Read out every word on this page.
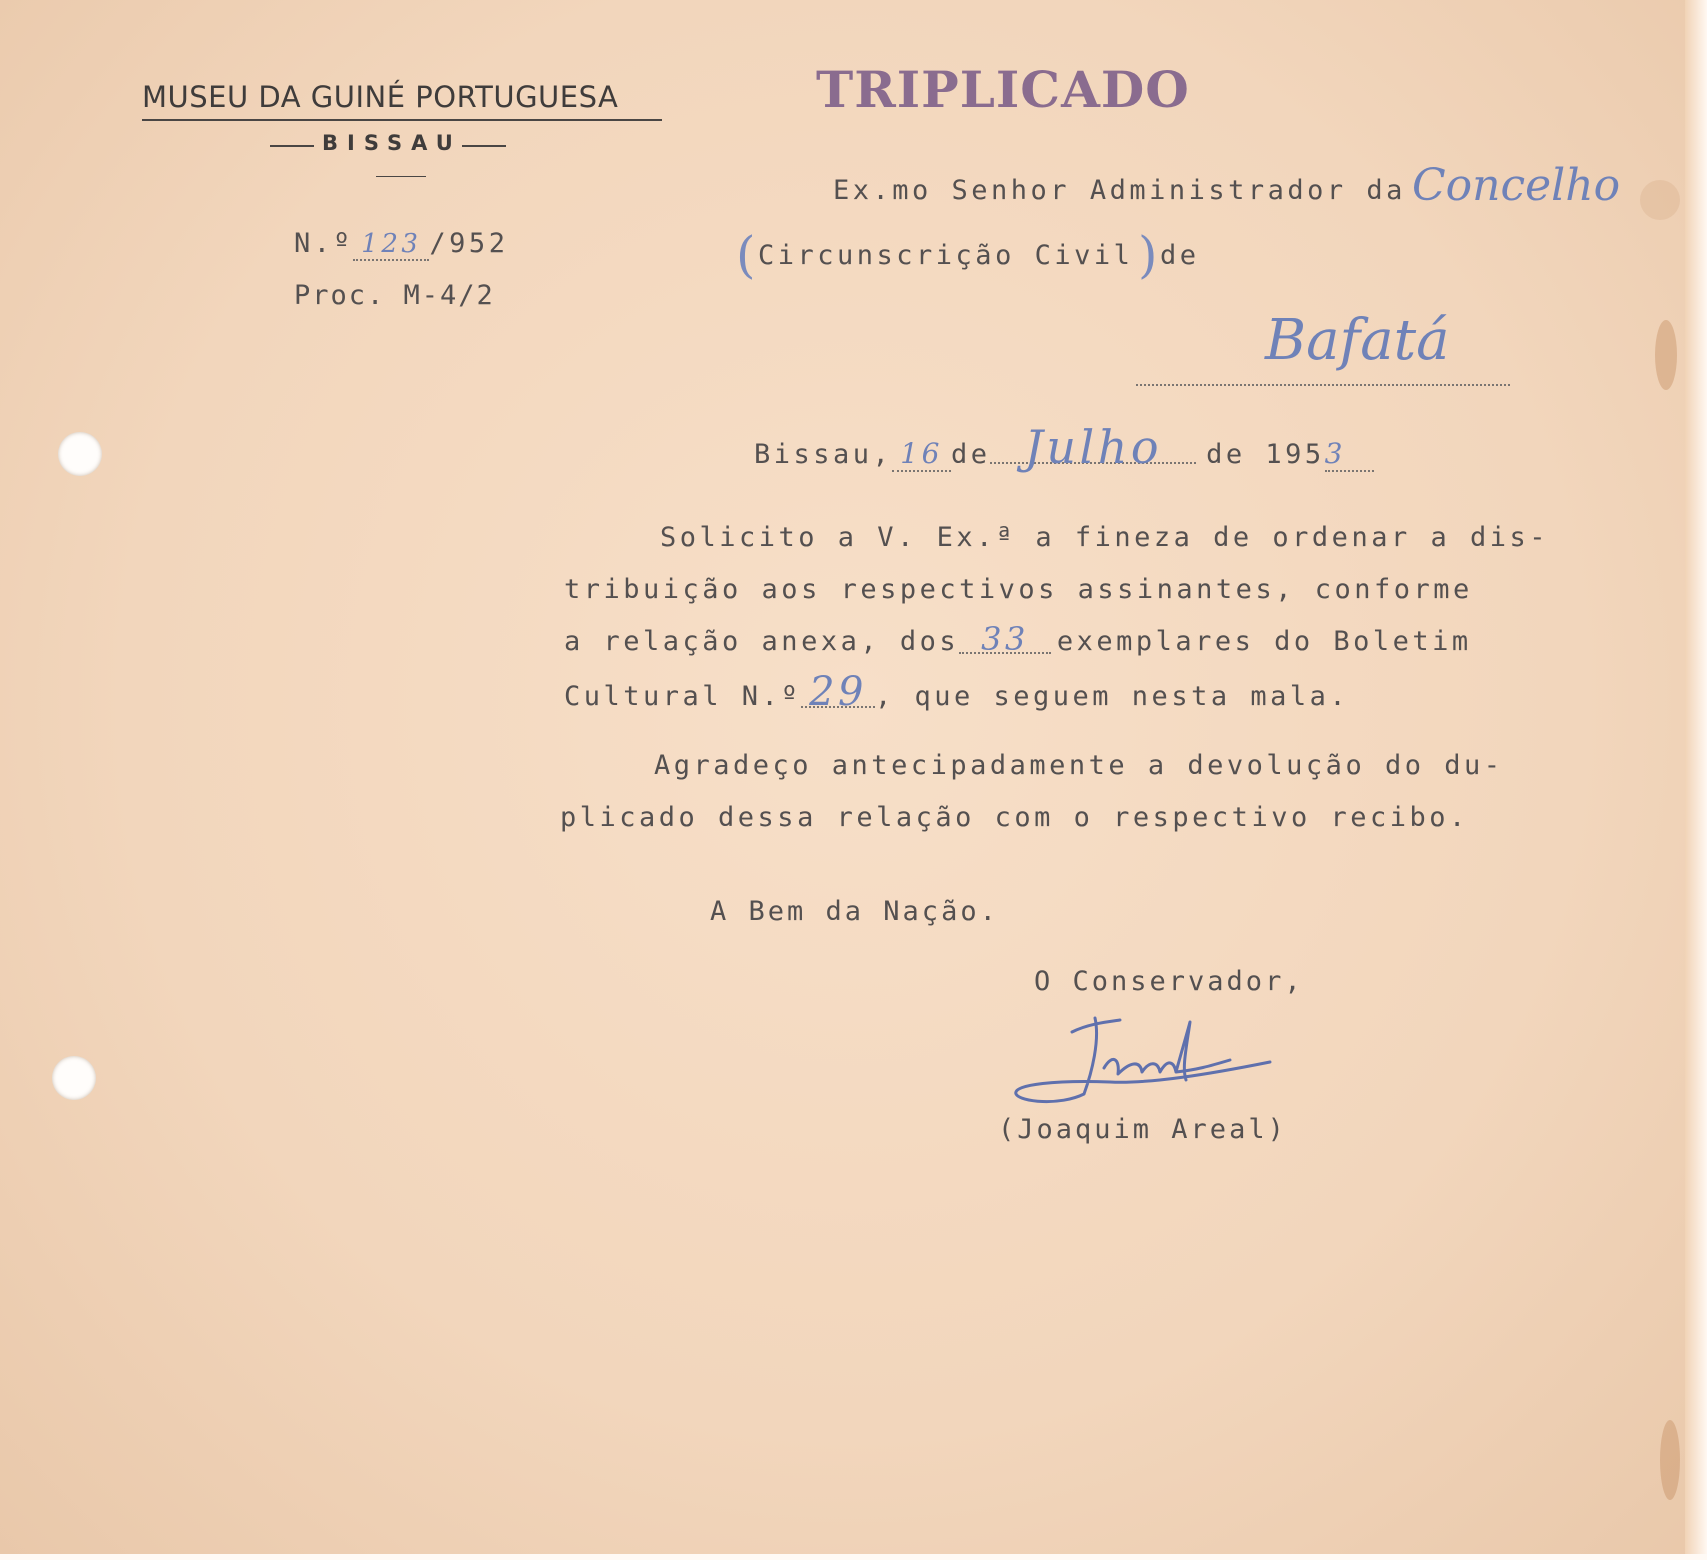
MUSEU DA GUINÉ PORTUGUESA
BISSAU
TRIPLICADO
N.º 123 /952
Proc. M-4/2
Ex.mo Senhor Administrador da Concelho
( Circunscrição Civil ) de
Bafatá
Bissau, 16 de Julho de 1953
Solicito a V. Ex.ª a fineza de ordenar a dis-
tribuição aos respectivos assinantes, conforme
a relação anexa, dos 33 exemplares do Boletim
Cultural N.º 29 , que seguem nesta mala.
Agradeço antecipadamente a devolução do du-
plicado dessa relação com o respectivo recibo.
A Bem da Nação.
O Conservador,
(Joaquim Areal)
